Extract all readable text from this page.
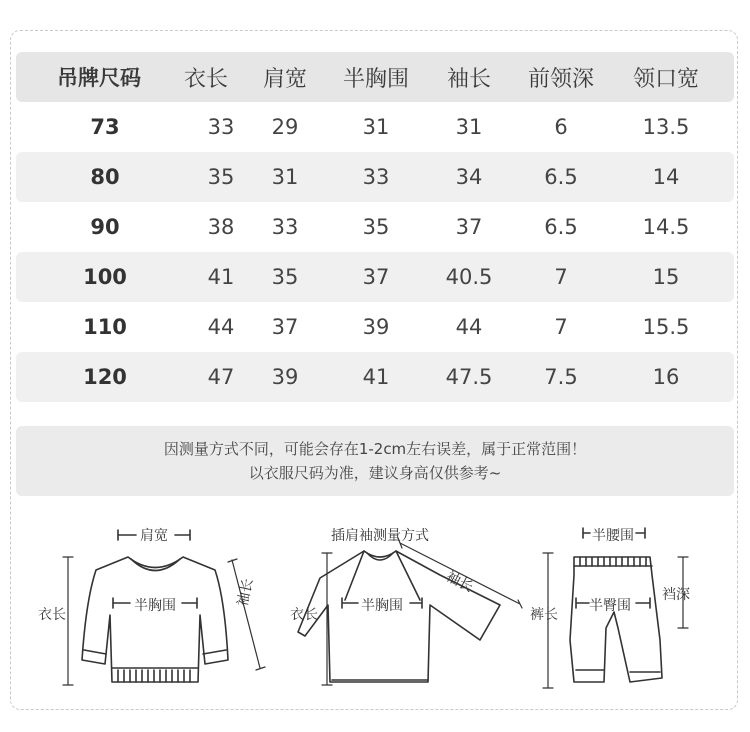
吊牌尺码	衣长	肩宽	半胸围	袖长	前领深	领口宽
73	33	29	31	31	6	13.5
80	35	31	33	34	6.5	14
90	38	33	35	37	6.5	14.5
100	41	35	37	40.5	7	15
110	44	37	39	44	7	15.5
120	47	39	41	47.5	7.5	16
因测量方式不同，可能会存在1-2cm左右误差，属于正常范围！
以衣服尺码为准，建议身高仅供参考~
肩宽
半胸围
衣长
袖长
插肩袖测量方式
袖长
半胸围
衣长
半腰围
半臀围
裤长
裆深
